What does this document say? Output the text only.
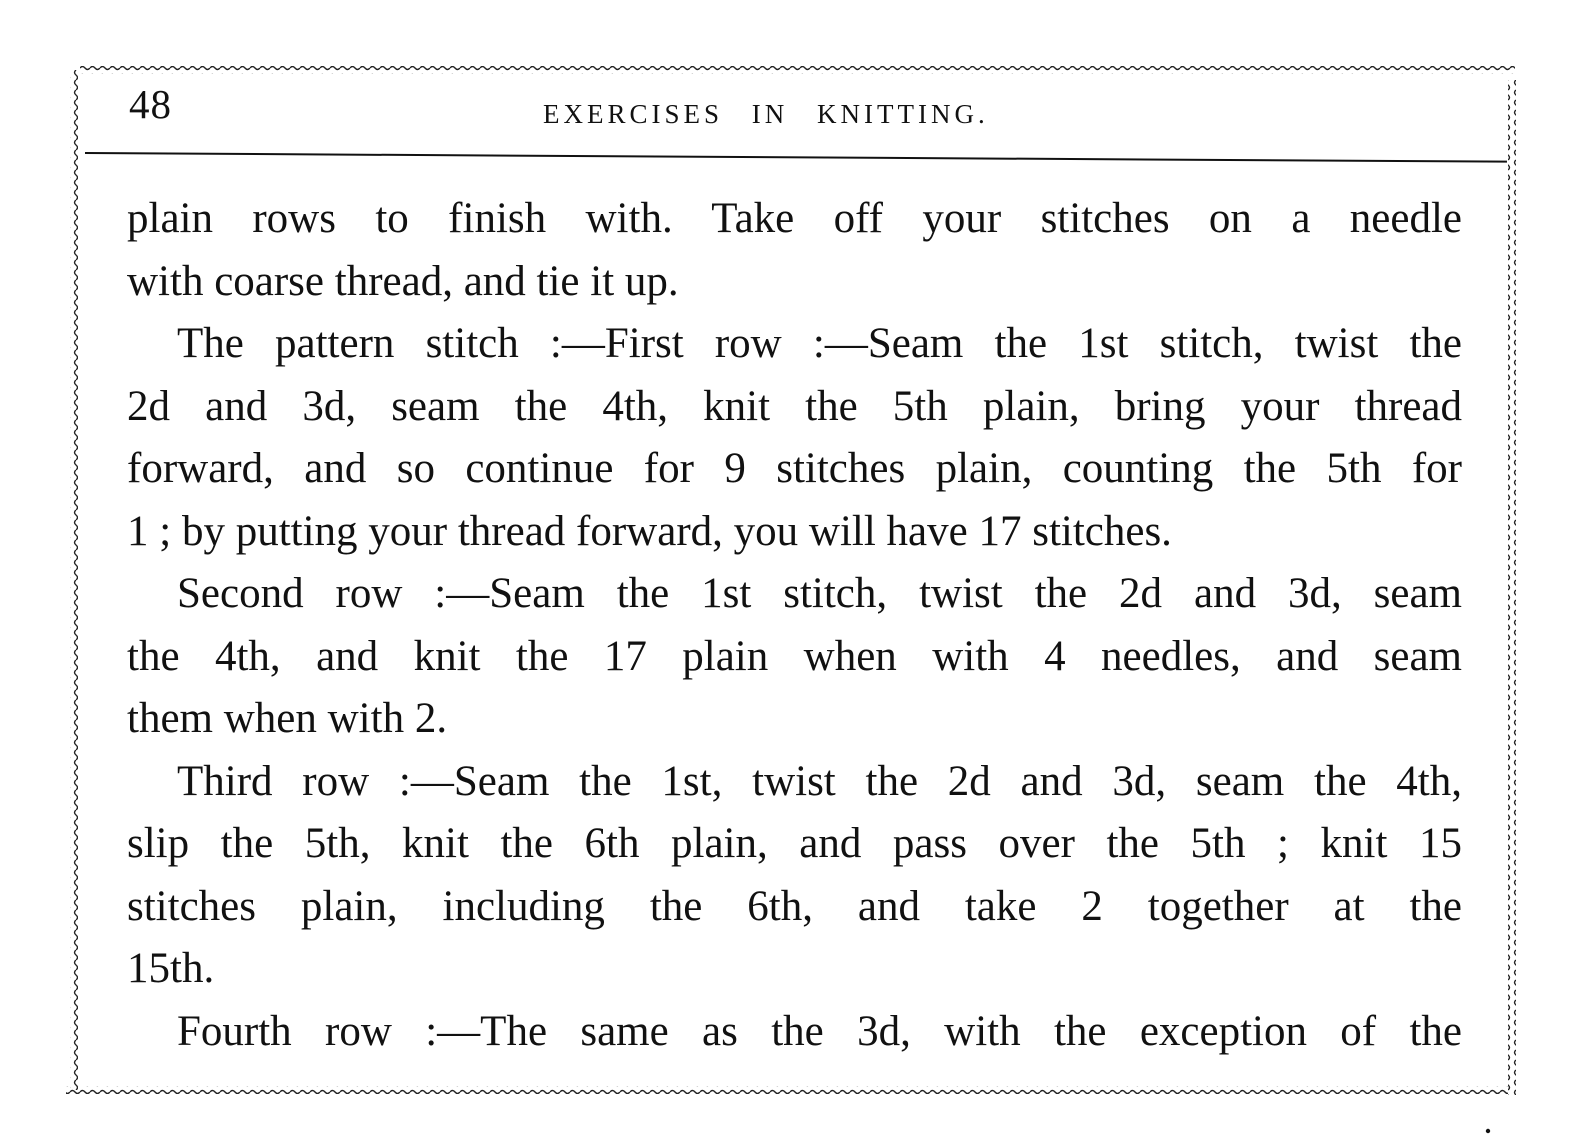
48	EXERCISES IN KNITTING.
plain rows to finish with. Take off your stitches on a needle
with coarse thread, and tie it up.
The pattern stitch :—First row :—Seam the 1st stitch, twist the
2d and 3d, seam the 4th, knit the 5th plain, bring your thread
forward, and so continue for 9 stitches plain, counting the 5th for
1 ; by putting your thread forward, you will have 17 stitches.
Second row :—Seam the 1st stitch, twist the 2d and 3d, seam
the 4th, and knit the 17 plain when with 4 needles, and seam
them when with 2.
Third row :—Seam the 1st, twist the 2d and 3d, seam the 4th,
slip the 5th, knit the 6th plain, and pass over the 5th ; knit 15
stitches plain, including the 6th, and take 2 together at the
15th.
Fourth row :—The same as the 3d, with the exception of the
